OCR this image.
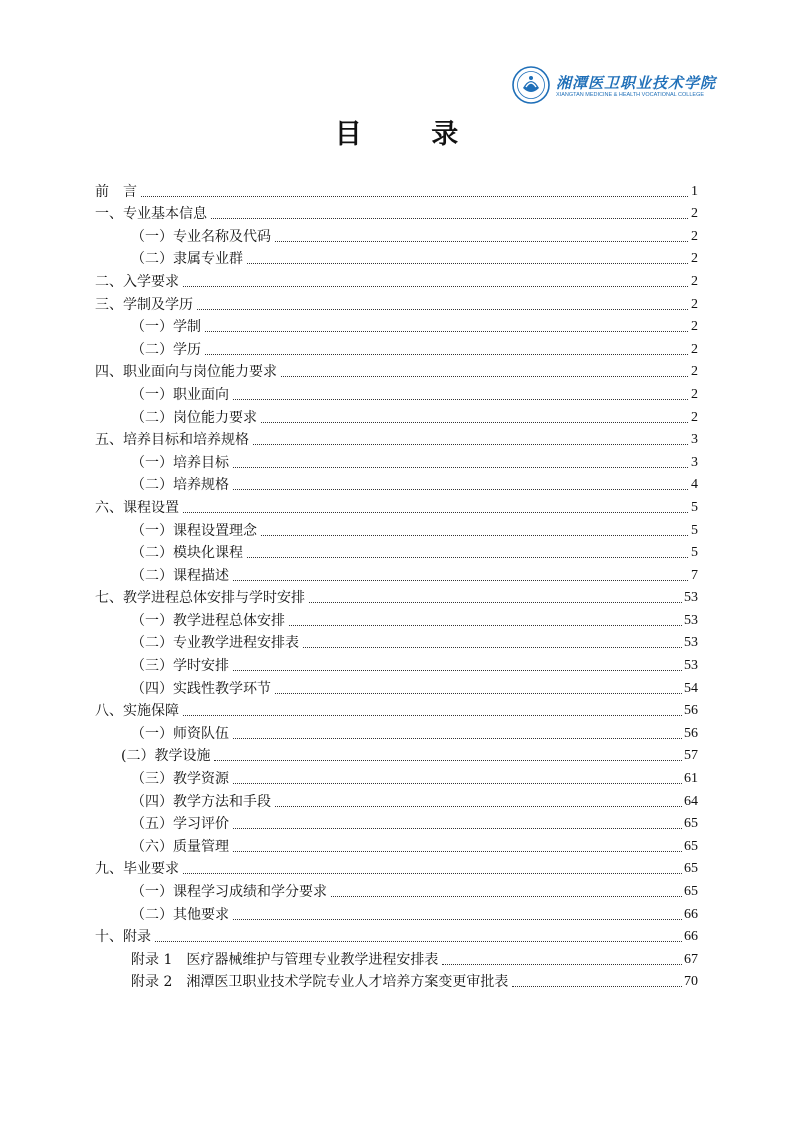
湘潭医卫职业技术学院
XIANGTAN MEDICINE & HEALTH VOCATIONAL COLLEGE
目 录
前　言	1
一、专业基本信息	2
（一）专业名称及代码	2
（二）隶属专业群	2
二、入学要求	2
三、学制及学历	2
（一）学制	2
（二）学历	2
四、职业面向与岗位能力要求	2
（一）职业面向	2
（二）岗位能力要求	2
五、培养目标和培养规格	3
（一）培养目标	3
（二）培养规格	4
六、课程设置	5
（一）课程设置理念	5
（二）模块化课程	5
（二）课程描述	7
七、教学进程总体安排与学时安排	53
（一）教学进程总体安排	53
（二）专业教学进程安排表	53
（三）学时安排	53
（四）实践性教学环节	54
八、实施保障	56
（一）师资队伍	56
(二）教学设施	57
（三）教学资源	61
（四）教学方法和手段	64
（五）学习评价	65
（六）质量管理	65
九、毕业要求	65
（一）课程学习成绩和学分要求	65
（二）其他要求	66
十、附录	66
附录 1　医疗器械维护与管理专业教学进程安排表	67
附录 2　湘潭医卫职业技术学院专业人才培养方案变更审批表	70
